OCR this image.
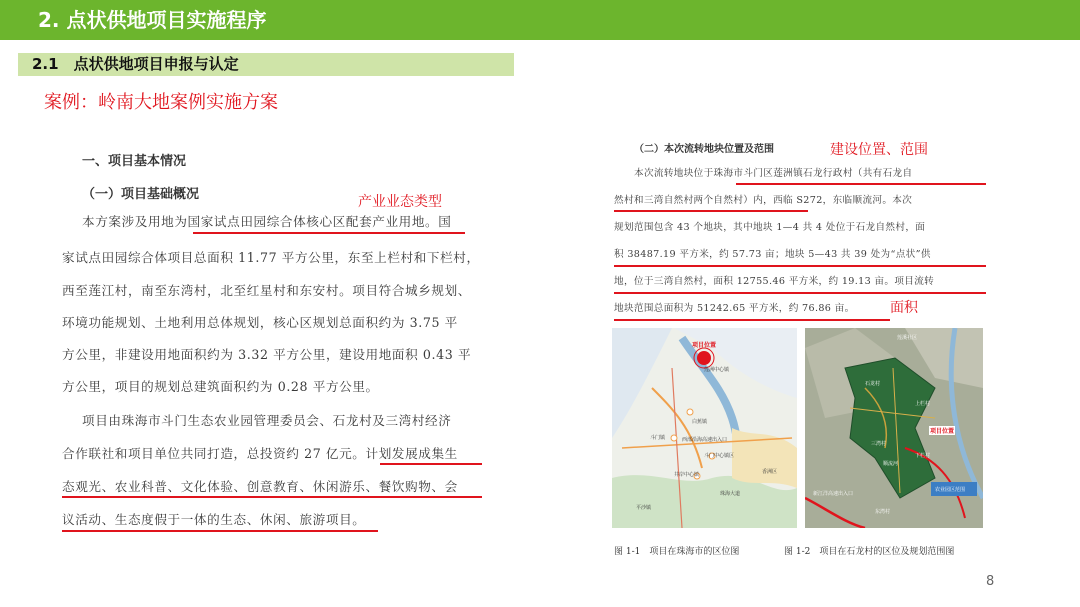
2. 点状供地项目实施程序
2.1　点状供地项目申报与认定
案例：岭南大地案例实施方案
一、项目基本情况
（一）项目基础概况	产业业态类型
本方案涉及用地为国家试点田园综合体核心区配套产业用地。国
家试点田园综合体项目总面积 11.77 平方公里，东至上栏村和下栏村，
西至莲江村，南至东湾村，北至红星村和东安村。项目符合城乡规划、
环境功能规划、土地利用总体规划，核心区规划总面积约为 3.75 平
方公里，非建设用地面积约为 3.32 平方公里，建设用地面积 0.43 平
方公里，项目的规划总建筑面积约为 0.28 平方公里。
项目由珠海市斗门生态农业园管理委员会、石龙村及三湾村经济
合作联社和项目单位共同打造，总投资约 27 亿元。计划发展成集生
态观光、农业科普、文化体验、创意教育、休闲游乐、餐饮购物、会
议活动、生态度假于一体的生态、休闲、旅游项目。
（二）本次流转地块位置及范围	建设位置、范围
本次流转地块位于珠海市斗门区莲洲镇石龙行政村（共有石龙自
然村和三湾自然村两个自然村）内，西临 S272，东临顺流河。本次
规划范围包含 43 个地块，其中地块 1—4 共 4 处位于石龙自然村，面
积 38487.19 平方米，约 57.73 亩；地块 5—43 共 39 处为“点状”供
地，位于三湾自然村，面积 12755.46 平方米，约 19.13 亩。项目流转
地块范围总面积为 51242.65 平方米，约 76.86 亩。	面积
项目位置
莲洲中心镇
白蕉镇
斗门镇	西部沿海高速出入口
斗门中心镇区
井岸中心镇
珠海大道
平沙镇
香洲区
莲溪社区
石龙村
上栏村
项目位置
下栏村
三湾村
顺流河
东湾村
新江洋高速出入口
农业园区范围
图 1-1　项目在珠海市的区位图	图 1-2　项目在石龙村的区位及规划范围图
8
